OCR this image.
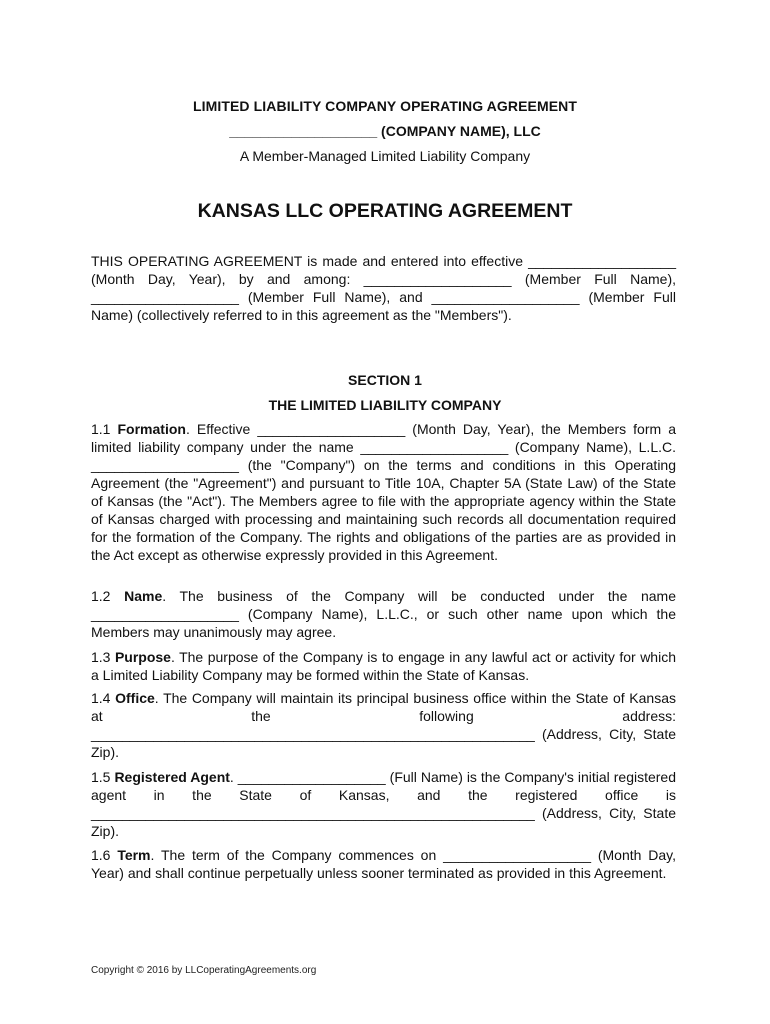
LIMITED LIABILITY COMPANY OPERATING AGREEMENT
___________________ (COMPANY NAME), LLC
A Member-Managed Limited Liability Company
KANSAS LLC OPERATING AGREEMENT
THIS OPERATING AGREEMENT is made and entered into effective ___________________ (Month Day, Year), by and among: ___________________ (Member Full Name), ___________________ (Member Full Name), and ___________________ (Member Full Name) (collectively referred to in this agreement as the "Members").
SECTION 1
THE LIMITED LIABILITY COMPANY
1.1 Formation. Effective ___________________ (Month Day, Year), the Members form a limited liability company under the name ___________________ (Company Name), L.L.C. ___________________ (the "Company") on the terms and conditions in this Operating Agreement (the "Agreement") and pursuant to Title 10A, Chapter 5A (State Law) of the State of Kansas (the "Act"). The Members agree to file with the appropriate agency within the State of Kansas charged with processing and maintaining such records all documentation required for the formation of the Company. The rights and obligations of the parties are as provided in the Act except as otherwise expressly provided in this Agreement.
1.2 Name. The business of the Company will be conducted under the name ___________________ (Company Name), L.L.C., or such other name upon which the Members may unanimously may agree.
1.3 Purpose. The purpose of the Company is to engage in any lawful act or activity for which a Limited Liability Company may be formed within the State of Kansas.
1.4 Office. The Company will maintain its principal business office within the State of Kansas at the following address: _________________________________________________________ (Address, City, State Zip).
1.5 Registered Agent. ___________________ (Full Name) is the Company's initial registered agent in the State of Kansas, and the registered office is _________________________________________________________ (Address, City, State Zip).
1.6 Term. The term of the Company commences on ___________________ (Month Day, Year) and shall continue perpetually unless sooner terminated as provided in this Agreement.
Copyright © 2016 by LLCoperatingAgreements.org
